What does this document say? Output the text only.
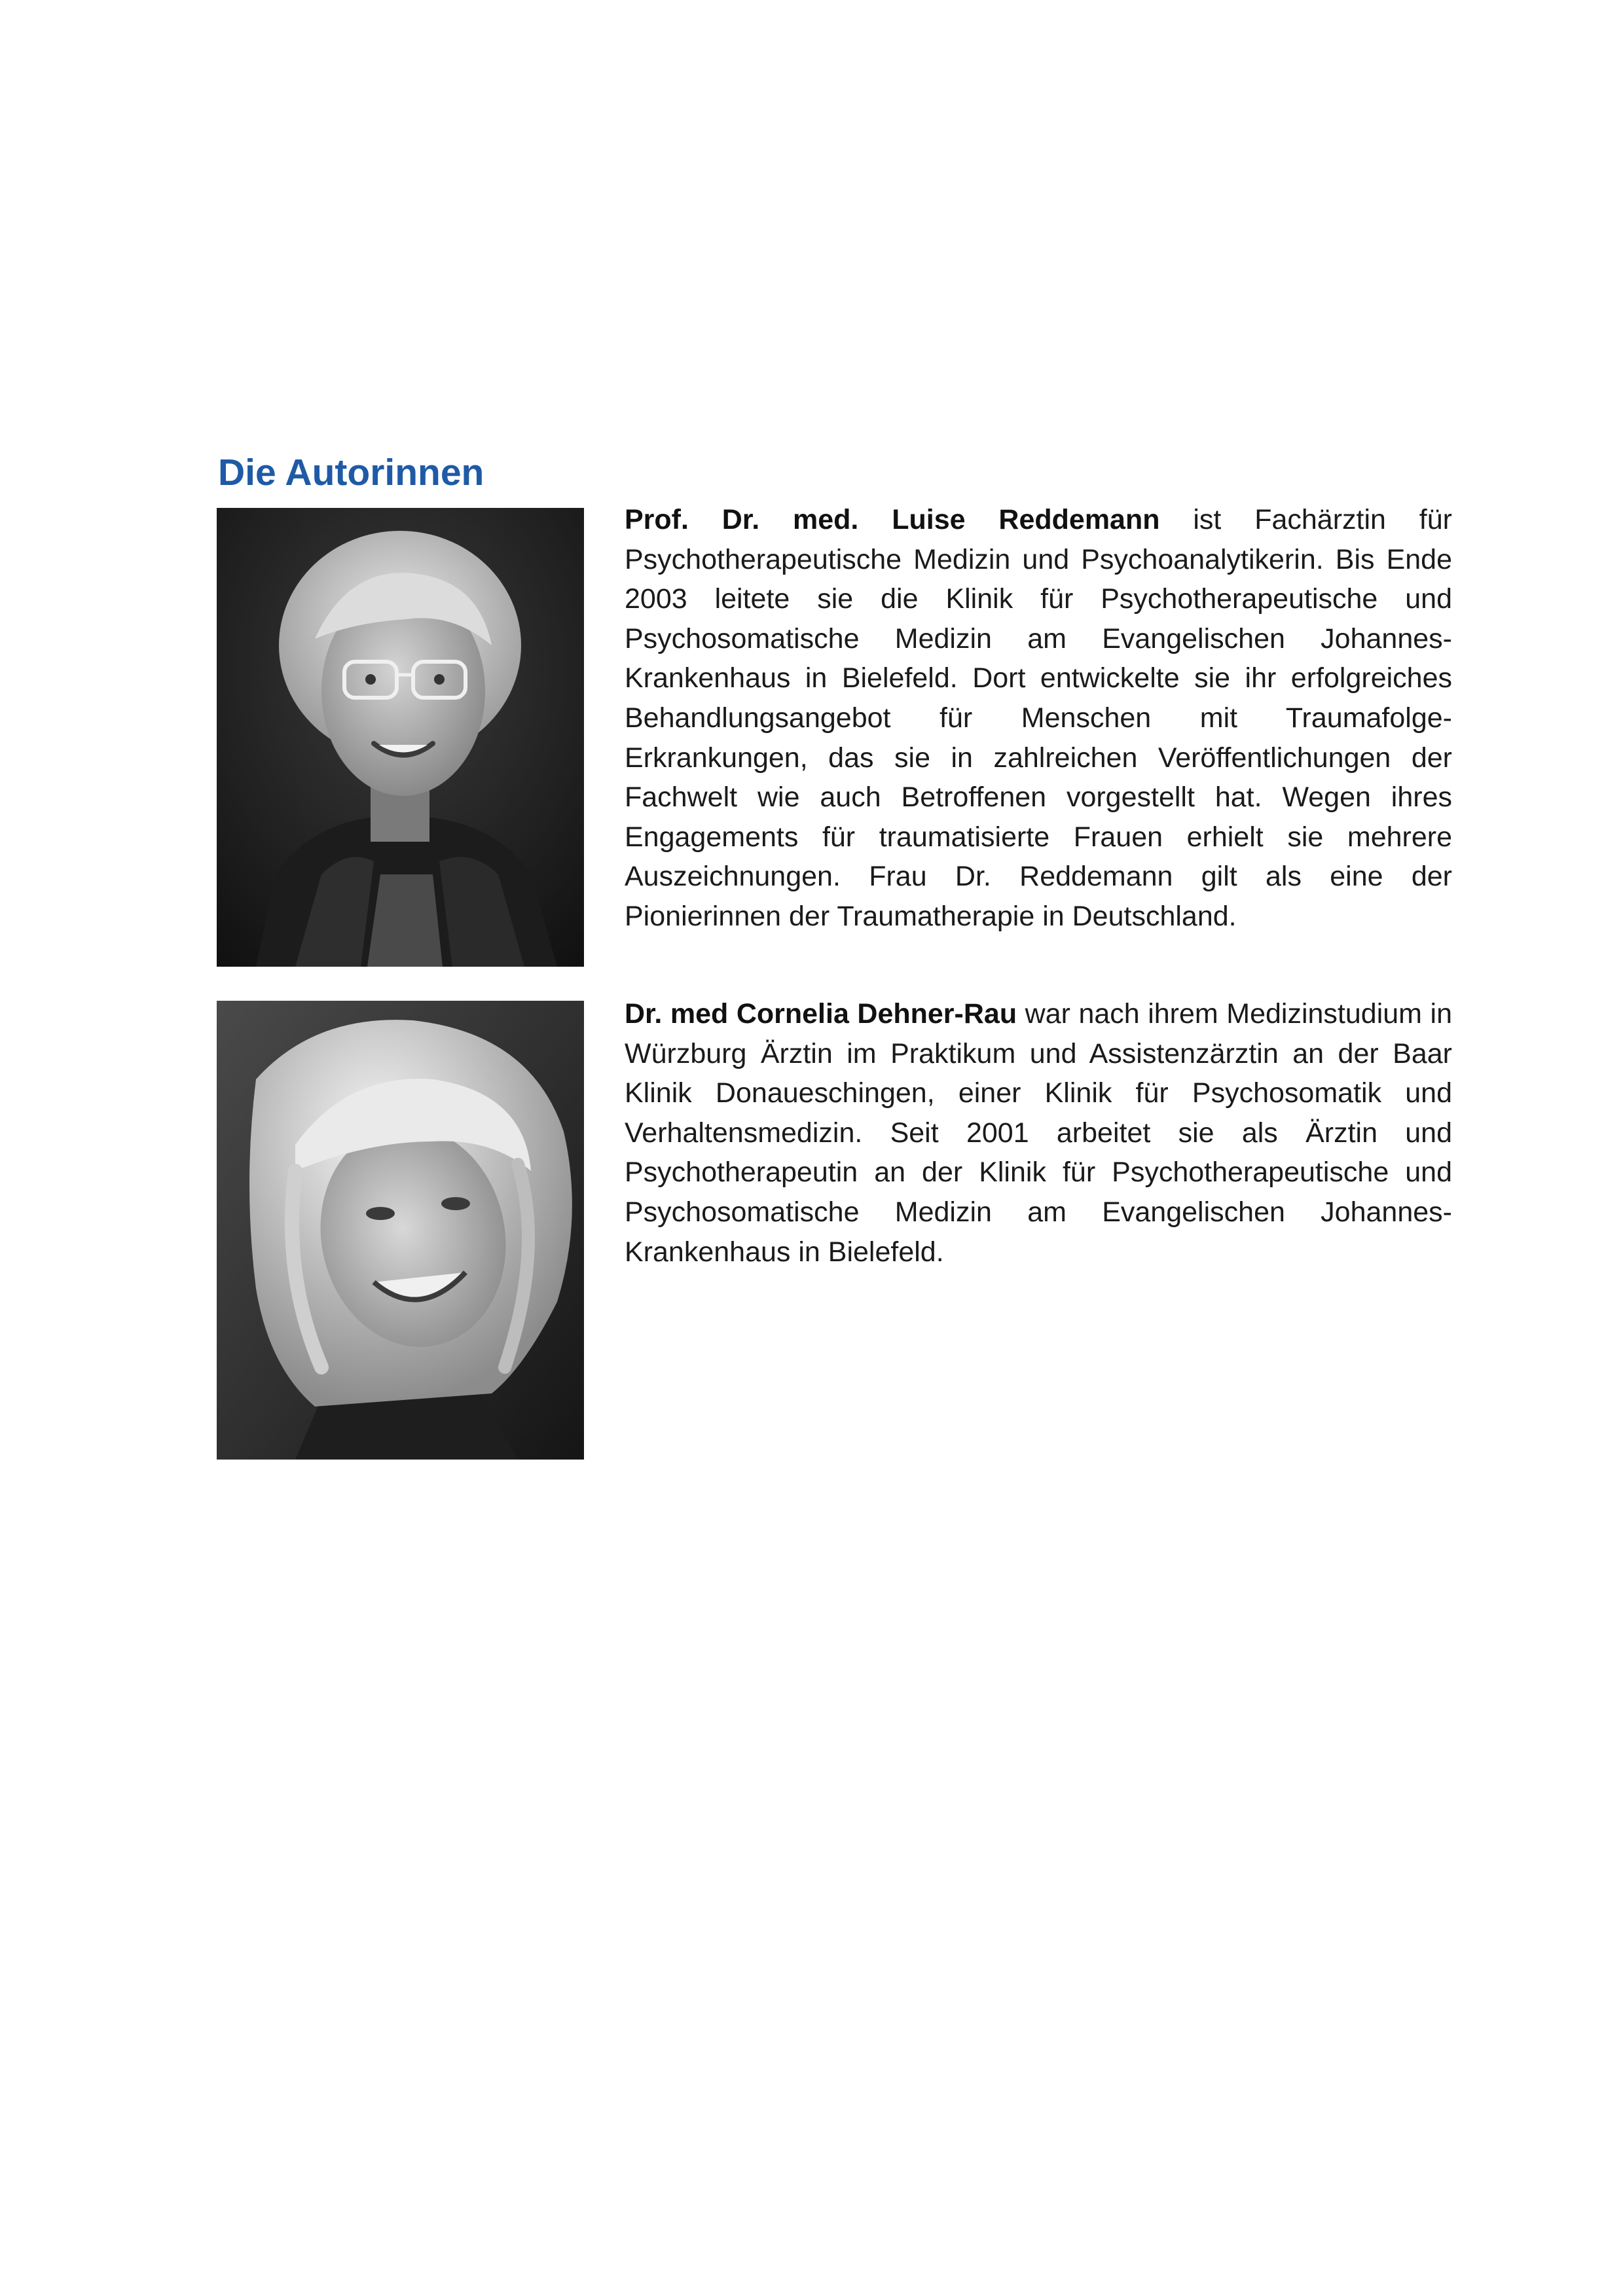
Die Autorinnen

Prof. Dr. med. Luise Reddemann ist Fachärztin für Psychotherapeutische Medizin und Psychoanalytikerin. Bis Ende 2003 leitete sie die Klinik für Psychotherapeutische und Psychosomatische Medizin am Evangelischen Johannes-Krankenhaus in Bielefeld. Dort entwickelte sie ihr erfolgreiches Behandlungsangebot für Menschen mit Traumafolge-Erkrankungen, das sie in zahlreichen Veröffentlichungen der Fachwelt wie auch Betroffenen vorgestellt hat. Wegen ihres Engagements für traumatisierte Frauen erhielt sie mehrere Auszeichnungen. Frau Dr. Reddemann gilt als eine der Pionierinnen der Traumatherapie in Deutschland.

Dr. med Cornelia Dehner-Rau war nach ihrem Medizinstudium in Würzburg Ärztin im Praktikum und Assistenzärztin an der Baar Klinik Donaueschingen, einer Klinik für Psychosomatik und Verhaltensmedizin. Seit 2001 arbeitet sie als Ärztin und Psychotherapeutin an der Klinik für Psychotherapeutische und Psychosomatische Medizin am Evangelischen Johannes-Krankenhaus in Bielefeld.
